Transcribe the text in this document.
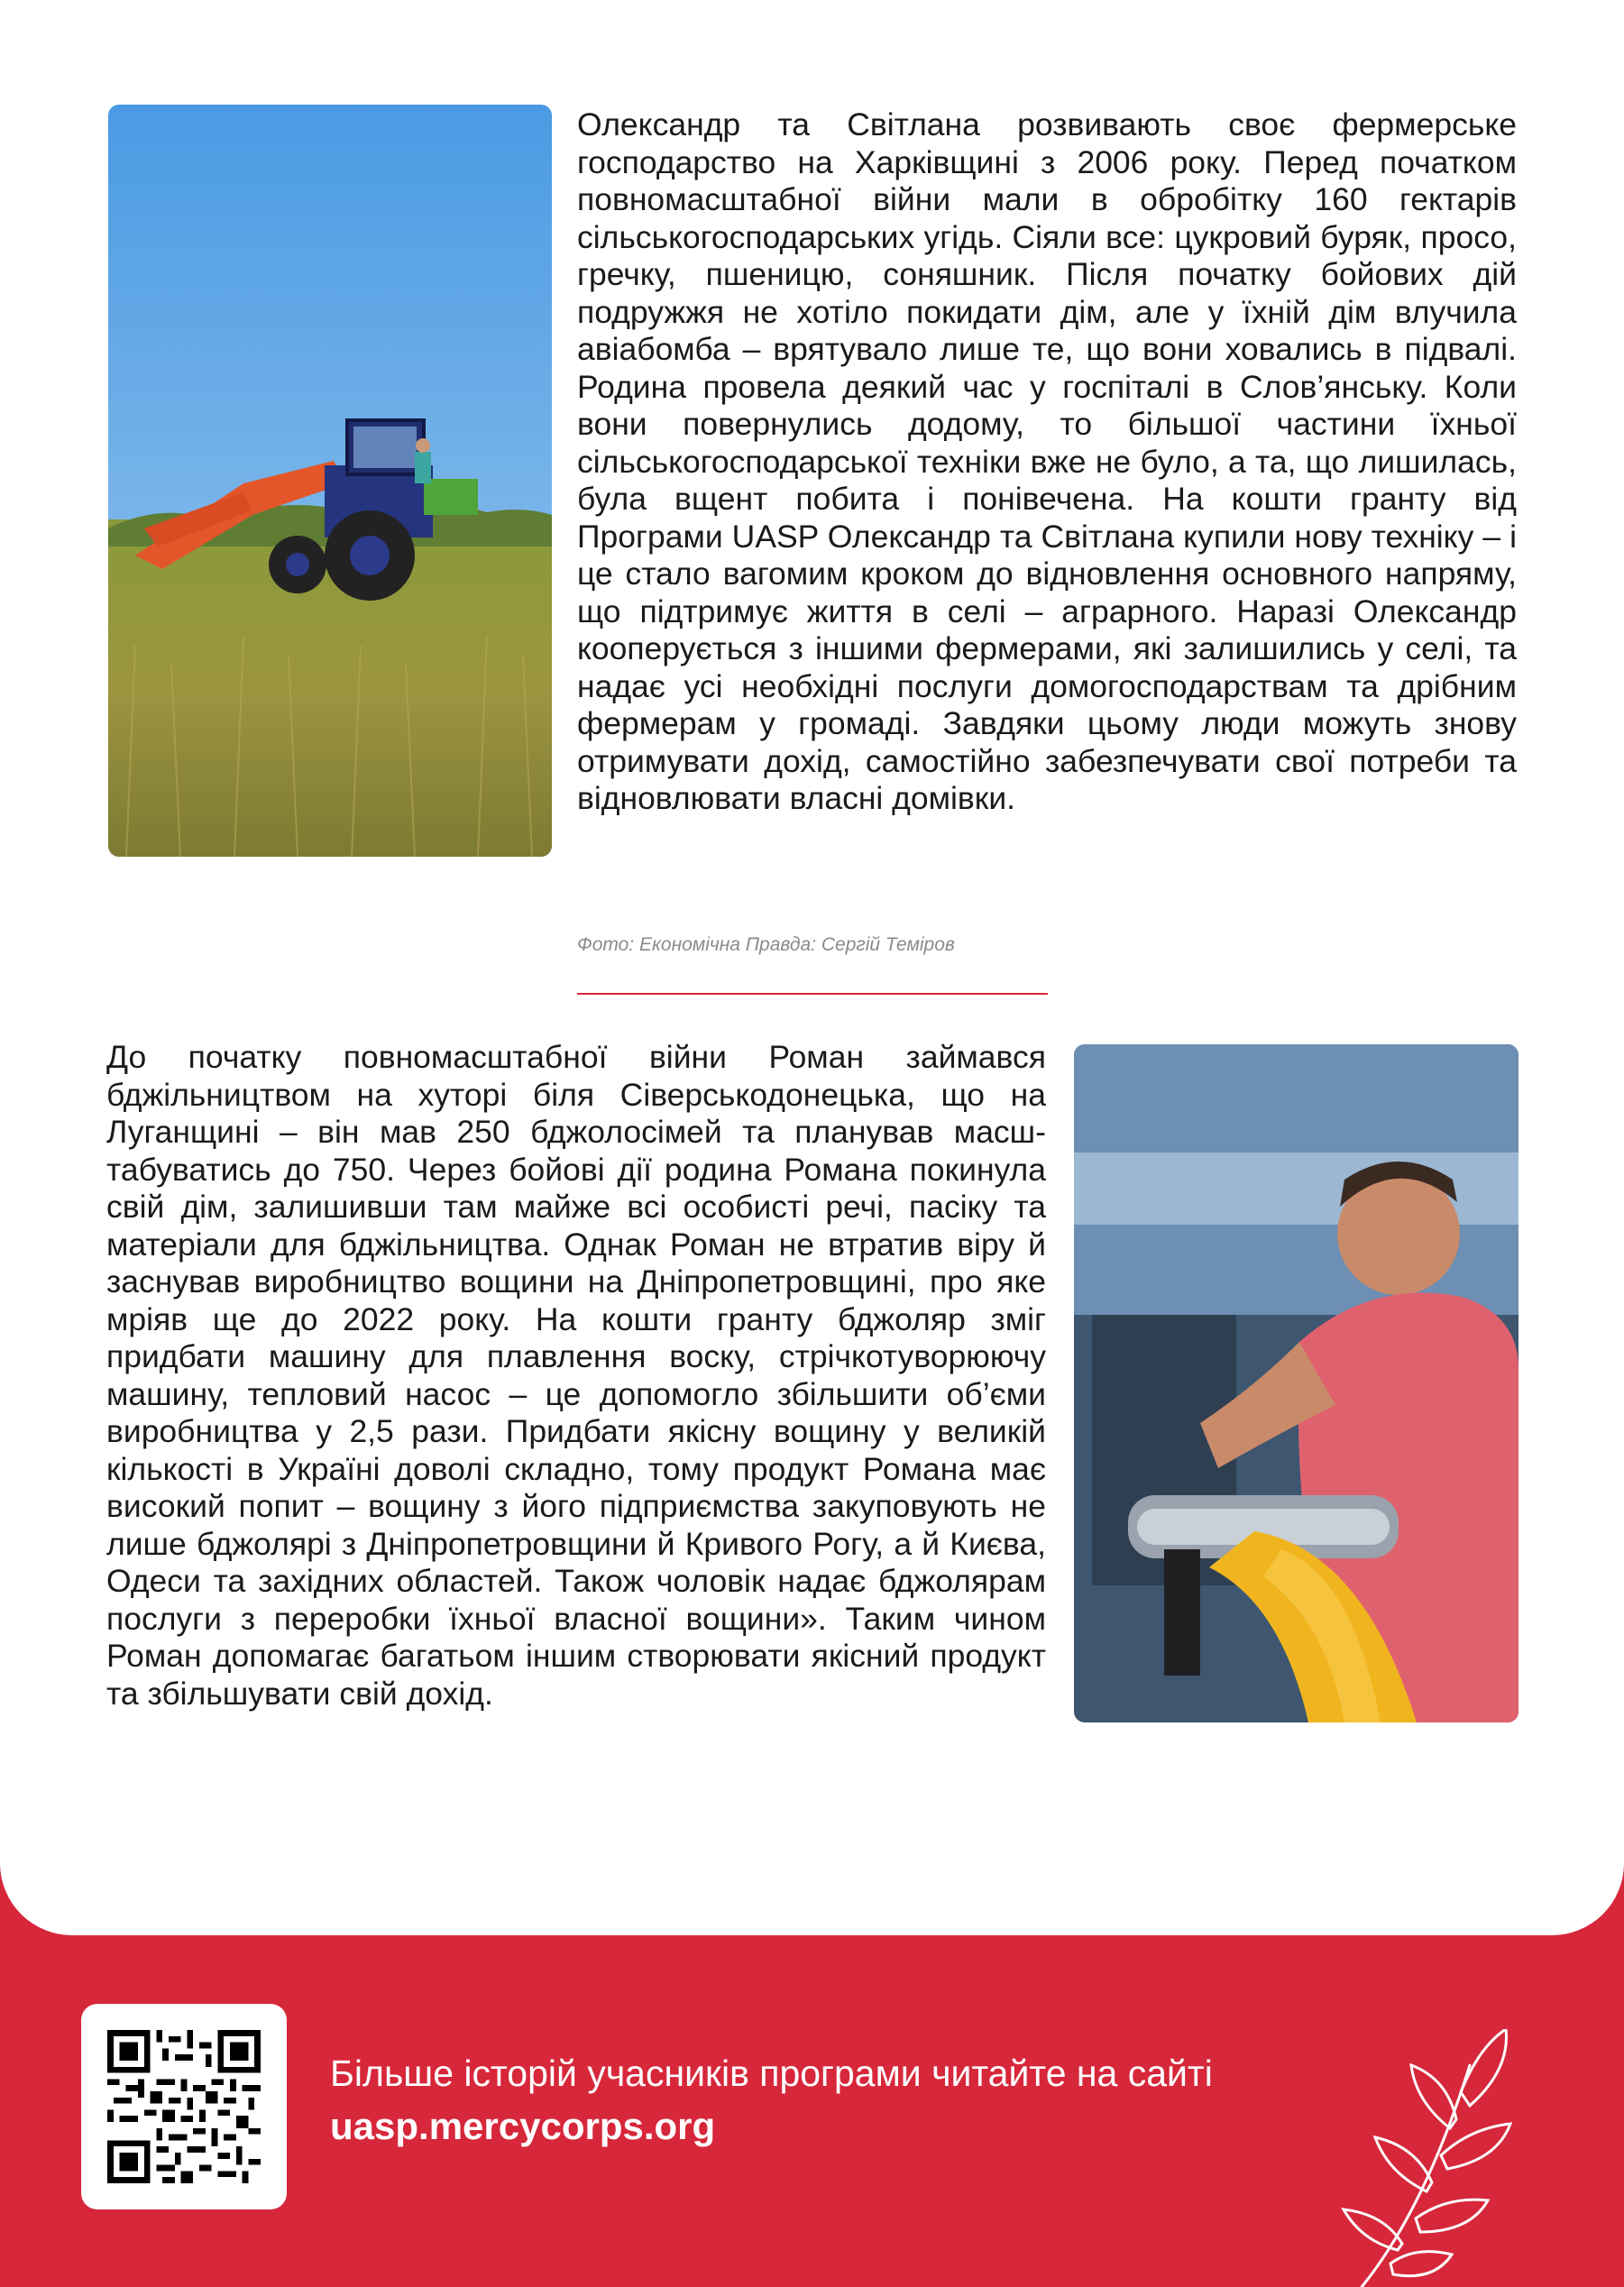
Олександр та Світлана розвивають своє фермерське господарство на Харківщині з 2006 року. Перед початком повномасштабної війни мали в обробітку 160 гектарів сільськогосподарських угідь. Сіяли все: цукровий буряк, просо, гречку, пшеницю, соняшник. Після початку бойових дій подружжя не хотіло покидати дім, але у їхній дім влучила авіабомба – врятувало лише те, що вони ховались в підвалі. Родина провела деякий час у госпіталі в Слов’янську. Коли вони повернулись додому, то більшої частини їхньої сільськогосподарської техніки вже не було, а та, що лишилась, була вщент побита і понівечена. На кошти гранту від Програми UASP Олександр та Світлана купили нову техніку – і це стало вагомим кроком до відновлення основного напряму, що підтримує життя в селі – аграрного. Наразі Олександр кооперується з іншими фермерами, які залишились у селі, та надає усі необхідні послуги домогосподарствам та дрібним фермерам у громаді. Завдяки цьому люди можуть знову отримувати дохід, самостійно забезпечувати свої потреби та відновлювати власні домівки.

Фото: Економічна Правда: Сергій Теміров

До початку повномасштабної війни Роман займався бджільництвом на хуторі біля Сіверськодонецька, що на Луганщині – він мав 250 бджолосімей та планував масштабуватись до 750. Через бойові дії родина Романа покинула свій дім, залишивши там майже всі особисті речі, пасіку та матеріали для бджільництва. Однак Роман не втратив віру й заснував виробництво вощини на Дніпропетровщині, про яке мріяв ще до 2022 року. На кошти гранту бджоляр зміг придбати машину для плавлення воску, стрічкотуворюючу машину, тепловий насос – це допомогло збільшити об’єми виробництва у 2,5 рази. Придбати якісну вощину у великій кількості в Україні доволі складно, тому продукт Романа має високий попит – вощину з його підприємства закуповують не лише бджолярі з Дніпропетровщини й Кривого Рогу, а й Києва, Одеси та західних областей. Також чоловік надає бджолярам послуги з переробки їхньої власної вощини». Таким чином Роман допомагає багатьом іншим створювати якісний продукт та збільшувати свій дохід.

Більше історій учасників програми читайте на сайті

uasp.mercycorps.org
